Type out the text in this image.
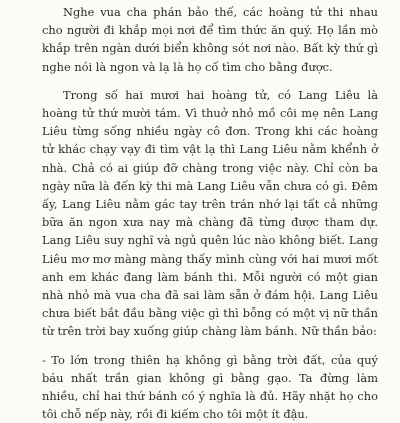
Nghe vua cha phán bảo thế, các hoàng tử thi nhau cho người đi khắp mọi nơi để tìm thức ăn quý. Họ lần mò khắp trên ngàn dưới biển không sót nơi nào. Bất kỳ thứ gì nghe nói là ngon và lạ là họ cố tìm cho bằng được.

Trong số hai mươi hai hoàng tử, có Lang Liêu là hoàng tử thứ mười tám. Vì thuở nhỏ mồ côi mẹ nên Lang Liêu từng sống nhiều ngày cô đơn. Trong khi các hoàng tử khác chạy vạy đi tìm vật lạ thì Lang Liêu nằm khểnh ở nhà. Chả có ai giúp đỡ chàng trong việc này. Chỉ còn ba ngày nữa là đến kỳ thi mà Lang Liêu vẫn chưa có gì. Đêm ấy, Lang Liêu nằm gác tay trên trán nhớ lại tất cả những bữa ăn ngon xưa nay mà chàng đã từng được tham dự. Lang Liêu suy nghĩ và ngủ quên lúc nào không biết. Lang Liêu mơ mơ màng màng thấy mình cùng với hai mươi mốt anh em khác đang làm bánh thi. Mỗi người có một gian nhà nhỏ mà vua cha đã sai làm sẵn ở đám hội. Lang Liêu chưa biết bắt đầu bằng việc gì thì bỗng có một vị nữ thần từ trên trời bay xuống giúp chàng làm bánh. Nữ thần bảo:

- To lớn trong thiên hạ không gì bằng trời đất, của quý báu nhất trần gian không gì bằng gạo. Ta đừng làm nhiều, chỉ hai thứ bánh có ý nghĩa là đủ. Hãy nhặt họ cho tôi chỗ nếp này, rồi đi kiếm cho tôi một ít đậu.
